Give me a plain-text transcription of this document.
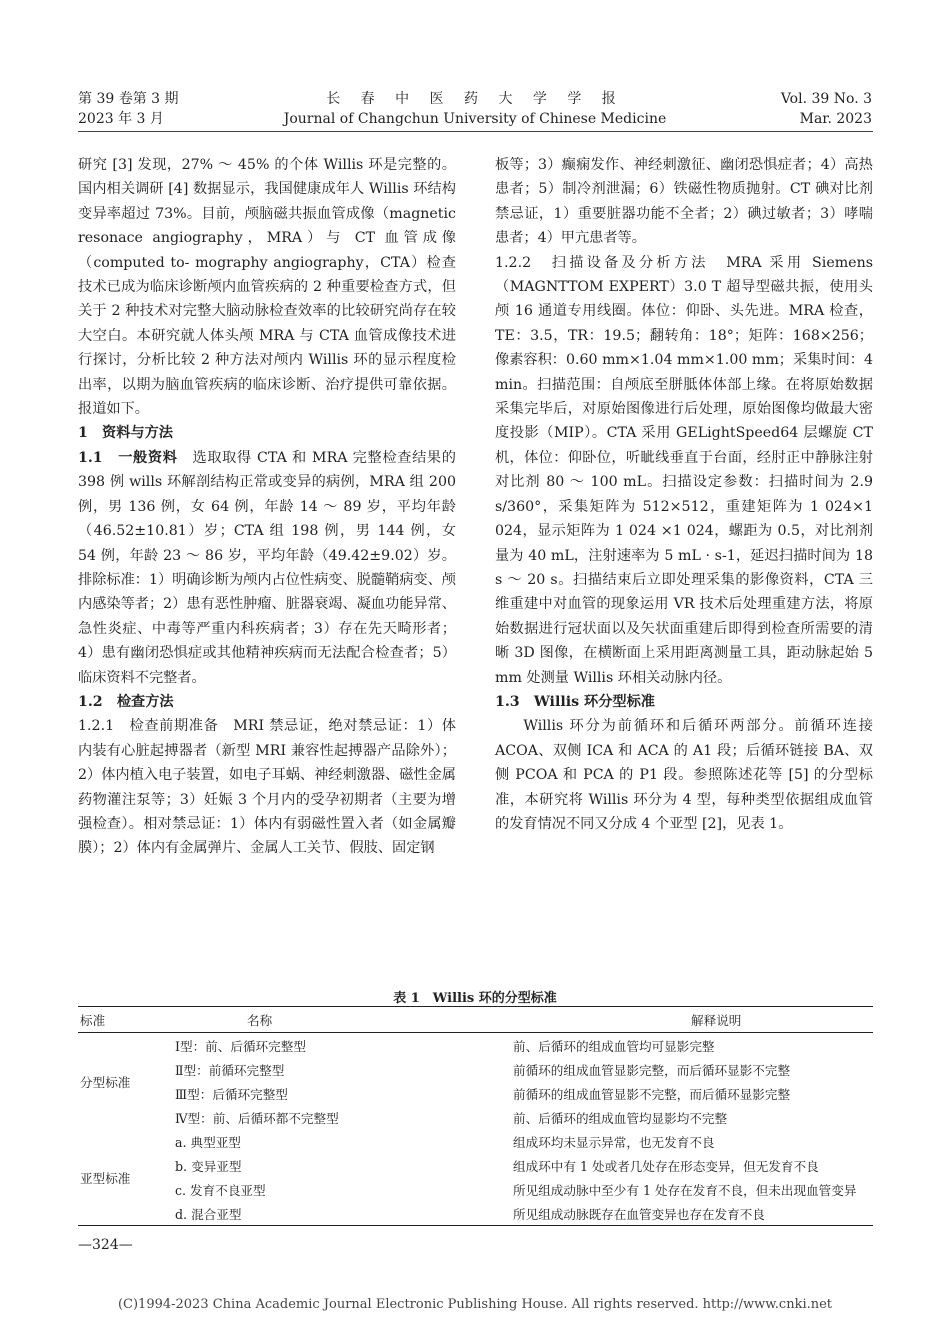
第 39 卷第 3 期
2023 年 3 月
长 春 中 医 药 大 学 学 报
Journal of Changchun University of Chinese Medicine
Vol. 39 No. 3
Mar. 2023

研究 [3] 发现，27% ～ 45% 的个体 Willis 环是完整的。国内相关调研 [4] 数据显示，我国健康成年人 Willis 环结构变异率超过 73%。目前，颅脑磁共振血管成像（magnetic resonace angiography，MRA）与 CT 血管成像（computed to- mography angiography，CTA）检查技术已成为临床诊断颅内血管疾病的 2 种重要检查方式，但关于 2 种技术对完整大脑动脉检查效率的比较研究尚存在较大空白。本研究就人体头颅 MRA 与 CTA 血管成像技术进行探讨，分析比较 2 种方法对颅内 Willis 环的显示程度检出率，以期为脑血管疾病的临床诊断、治疗提供可靠依据。报道如下。

1　资料与方法

1.1　一般资料　 选取取得 CTA 和 MRA 完整检查结果的 398 例 wills 环解剖结构正常或变异的病例，MRA 组 200 例，男 136 例，女 64 例，年龄 14 ～ 89 岁，平均年龄（46.52±10.81）岁；CTA 组 198 例，男 144 例，女 54 例，年龄 23 ～ 86 岁，平均年龄（49.42±9.02）岁。排除标准：1）明确诊断为颅内占位性病变、脱髓鞘病变、颅内感染等者；2）患有恶性肿瘤、脏器衰竭、凝血功能异常、急性炎症、中毒等严重内科疾病者；3）存在先天畸形者；4）患有幽闭恐惧症或其他精神疾病而无法配合检查者；5）临床资料不完整者。

1.2　检查方法

1.2.1　检查前期准备　 MRI 禁忌证，绝对禁忌证：1）体内装有心脏起搏器者（新型 MRI 兼容性起搏器产品除外）；2）体内植入电子装置，如电子耳蜗、神经刺激器、磁性金属药物灌注泵等；3）妊娠 3 个月内的受孕初期者（主要为增强检查）。相对禁忌证：1）体内有弱磁性置入者（如金属瓣膜）；2）体内有金属弹片、金属人工关节、假肢、固定钢

板等；3）癫痫发作、神经刺激征、幽闭恐惧症者；4）高热患者；5）制冷剂泄漏；6）铁磁性物质抛射。CT 碘对比剂禁忌证，1）重要脏器功能不全者；2）碘过敏者；3）哮喘患者；4）甲亢患者等。

1.2.2　扫描设备及分析方法　 MRA 采用 Siemens（MAGNTTOM EXPERT）3.0 T 超导型磁共振，使用头颅 16 通道专用线圈。体位：仰卧、头先进。MRA 检查，TE：3.5，TR：19.5；翻转角：18°；矩阵：168×256；像素容积：0.60 mm×1.04 mm×1.00 mm；采集时间：4 min。扫描范围：自颅底至胼胝体体部上缘。在将原始数据采集完毕后，对原始图像进行后处理，原始图像均做最大密度投影（MIP）。CTA 采用 GELightSpeed64 层螺旋 CT 机，体位：仰卧位，听眦线垂直于台面，经肘正中静脉注射对比剂 80 ～ 100 mL。扫描设定参数：扫描时间为 2.9 s/360°，采集矩阵为 512×512，重建矩阵为 1 024×1 024，显示矩阵为 1 024 ×1 024，螺距为 0.5，对比剂剂量为 40 mL，注射速率为 5 mL · s-1，延迟扫描时间为 18 s ～ 20 s。扫描结束后立即处理采集的影像资料，CTA 三维重建中对血管的现象运用 VR 技术后处理重建方法，将原始数据进行冠状面以及矢状面重建后即得到检查所需要的清晰 3D 图像，在横断面上采用距离测量工具，距动脉起始 5 mm 处测量 Willis 环相关动脉内径。

1.3　Willis 环分型标准

Willis 环分为前循环和后循环两部分。前循环连接 ACOA、双侧 ICA 和 ACA 的 A1 段；后循环链接 BA、双侧 PCOA 和 PCA 的 P1 段。参照陈述花等 [5] 的分型标准，本研究将 Willis 环分为 4 型，每种类型依据组成血管的发育情况不同又分成 4 个亚型 [2]，见表 1。

表 1　Willis 环的分型标准
标准	名称	解释说明
分型标准	Ⅰ型：前、后循环完整型	前、后循环的组成血管均可显影完整
	Ⅱ型：前循环完整型	前循环的组成血管显影完整，而后循环显影不完整
	Ⅲ型：后循环完整型	前循环的组成血管显影不完整，而后循环显影完整
	Ⅳ型：前、后循环都不完整型	前、后循环的组成血管均显影均不完整
亚型标准	a. 典型亚型	组成环均未显示异常，也无发育不良
	b. 变异亚型	组成环中有 1 处或者几处存在形态变异，但无发育不良
	c. 发育不良亚型	所见组成动脉中至少有 1 处存在发育不良，但未出现血管变异
	d. 混合亚型	所见组成动脉既存在血管变异也存在发育不良
—324—
(C)1994-2023 China Academic Journal Electronic Publishing House. All rights reserved. http://www.cnki.net
